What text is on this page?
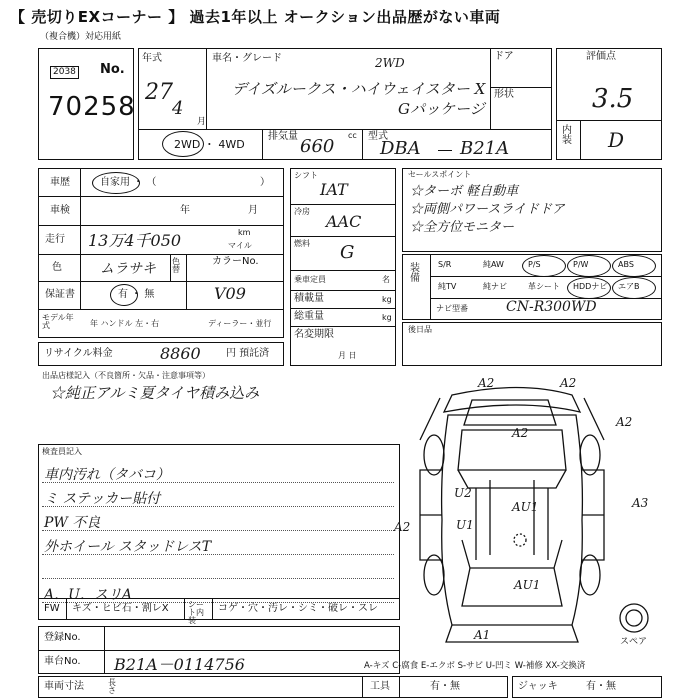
【 売切りEXコーナー 】 過去1年以上 オークション出品歴がない車両
（複合機）対応用紙
2038 No.
70258
年式
27
4
月
車名・グレード	2WD
デイズルークス・ハイウェイスター X
Gパッケージ
ドア
形状
2WD ・ 4WD
排気量 660
cc 型式
DBA B21A
評価点
3.5
内装 D
車歴	自家用 ・ （	）
車検	年	月
走行 13万4千050	km
マイル
色	ムラサキ 色替
カラーNo.
V09
保証書	有 ・ 無
モデル年式	年 ハンドル 左・右	ディーラー・並行
リサイクル料金	8860	円 預託済
シフト
IAT
冷房
AAC
燃料 G
乗車定員	名
積載量	kg
総重量	kg
名変期限
月 日
セールスポイント
☆ターボ 軽自動車
☆両側パワースライドドア
☆全方位モニター
装備
S/R	純AW	P/S	P/W	ABS
純TV	純ナビ	革シート HDDナビ エアB
ナビ型番	CN-R300WD
後日品
出品店様記入（不良箇所・欠品・注意事項等）
☆純正アルミ夏タイヤ積み込み
検査員記入
車内汚れ（タバコ）
ミ ステッカー貼付
PW 不良
外ホイール スタッドレスT
A．U．スリA
FW キズ・ヒビ石・割レX シート内装
コゲ・穴・汚レ・シミ・破レ・スレ
A2	A2
A2
A2
U2
AU1
U1
A3
A2
AU1
A1	スペア
登録No.
車台No. B21A－0114756	A-キズ C-腐食 E-エクボ S-サビ U-凹ミ W-補修 XX-交換済
車両寸法	長さ	工具	有・無	ジャッキ	有・無
